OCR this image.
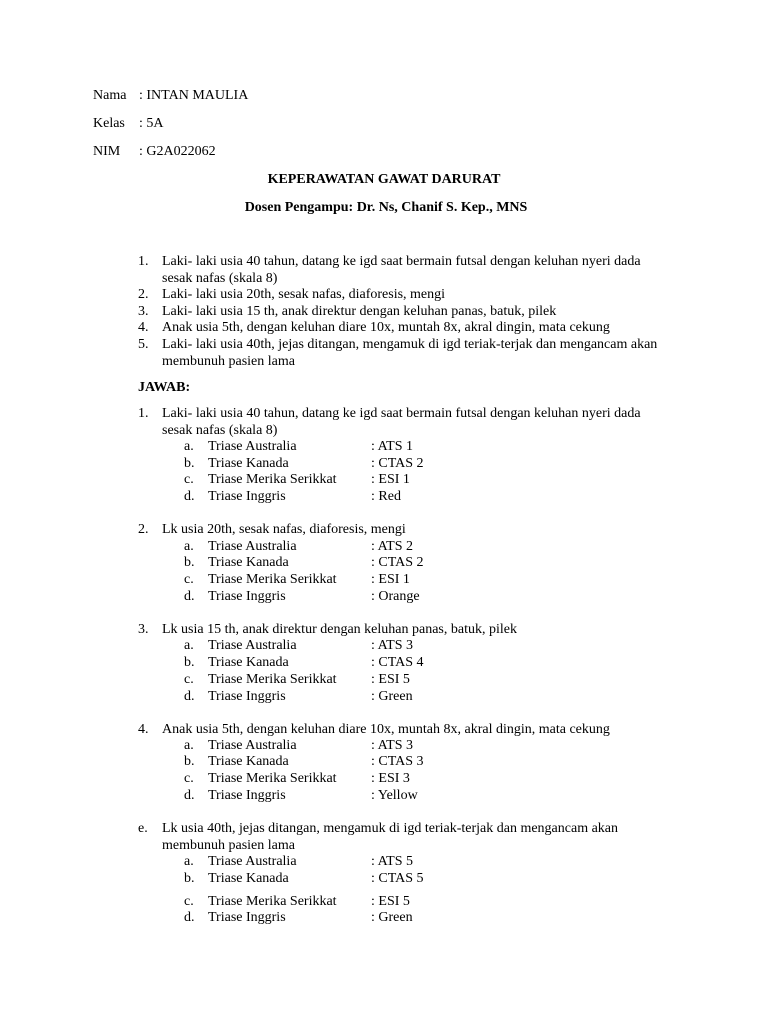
Nama : INTAN MAULIA
Kelas : 5A
NIM : G2A022062
KEPERAWATAN GAWAT DARURAT
Dosen Pengampu: Dr. Ns, Chanif S. Kep., MNS
1. Laki- laki usia 40 tahun, datang ke igd saat bermain futsal dengan keluhan nyeri dada
sesak nafas (skala 8)
2. Laki- laki usia 20th, sesak nafas, diaforesis, mengi
3. Laki- laki usia 15 th, anak direktur dengan keluhan panas, batuk, pilek
4. Anak usia 5th, dengan keluhan diare 10x, muntah 8x, akral dingin, mata cekung
5. Laki- laki usia 40th, jejas ditangan, mengamuk di igd teriak-terjak dan mengancam akan
membunuh pasien lama
JAWAB:
1. Laki- laki usia 40 tahun, datang ke igd saat bermain futsal dengan keluhan nyeri dada
sesak nafas (skala 8)
a. Triase Australia	: ATS 1
b. Triase Kanada	: CTAS 2
c. Triase Merika Serikkat : ESI 1
d. Triase Inggris	: Red
2. Lk usia 20th, sesak nafas, diaforesis, mengi
a. Triase Australia	: ATS 2
b. Triase Kanada	: CTAS 2
c. Triase Merika Serikkat : ESI 1
d. Triase Inggris	: Orange
3. Lk usia 15 th, anak direktur dengan keluhan panas, batuk, pilek
a. Triase Australia	: ATS 3
b. Triase Kanada	: CTAS 4
c. Triase Merika Serikkat : ESI 5
d. Triase Inggris	: Green
4. Anak usia 5th, dengan keluhan diare 10x, muntah 8x, akral dingin, mata cekung
a. Triase Australia	: ATS 3
b. Triase Kanada	: CTAS 3
c. Triase Merika Serikkat : ESI 3
d. Triase Inggris	: Yellow
e. Lk usia 40th, jejas ditangan, mengamuk di igd teriak-terjak dan mengancam akan
membunuh pasien lama
a. Triase Australia	: ATS 5
b. Triase Kanada	: CTAS 5
c. Triase Merika Serikkat : ESI 5
d. Triase Inggris	: Green
